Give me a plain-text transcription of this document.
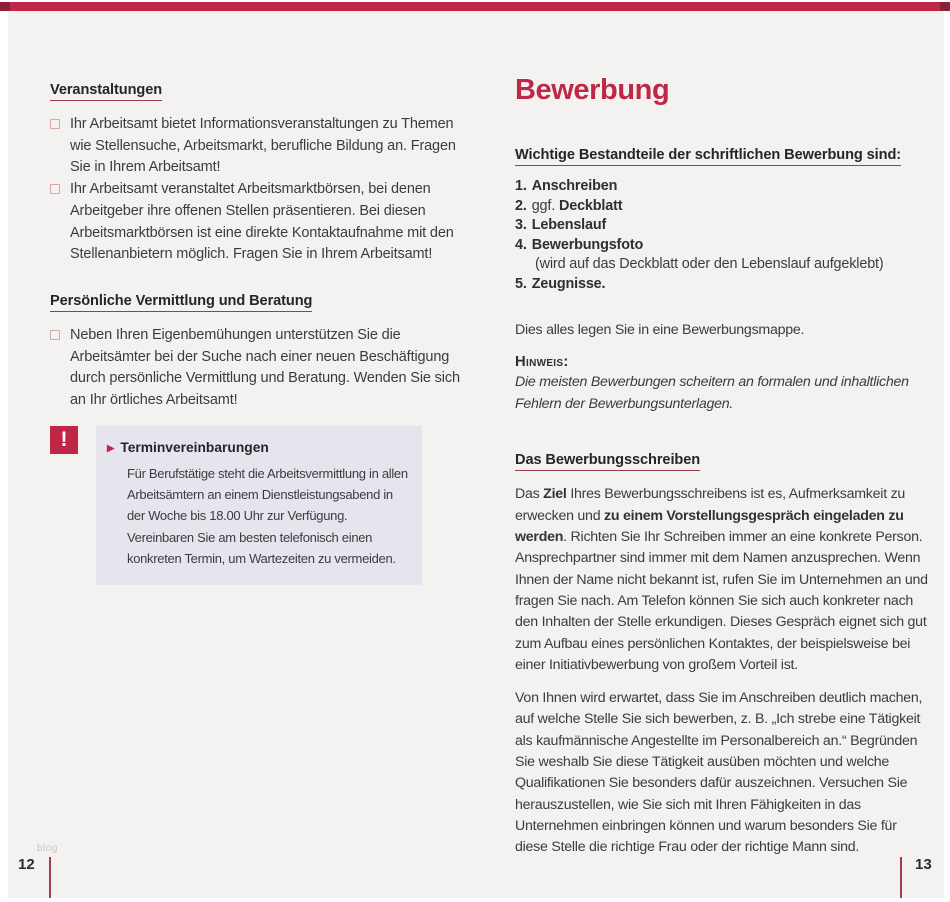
Veranstaltungen
Ihr Arbeitsamt bietet Informationsveranstaltungen zu Themen wie Stellensuche, Arbeitsmarkt, berufliche Bildung an. Fragen Sie in Ihrem Arbeitsamt!
Ihr Arbeitsamt veranstaltet Arbeitsmarktbörsen, bei denen Arbeitgeber ihre offenen Stellen präsentieren. Bei diesen Arbeitsmarktbörsen ist eine direkte Kontaktaufnahme mit den Stellenanbietern möglich. Fragen Sie in Ihrem Arbeitsamt!
Persönliche Vermittlung und Beratung
Neben Ihren Eigenbemühungen unterstützen Sie die Arbeitsämter bei der Suche nach einer neuen Beschäftigung durch persönliche Vermittlung und Beratung. Wenden Sie sich an Ihr örtliches Arbeitsamt!
!	▶ Terminvereinbarungen
Für Berufstätige steht die Arbeitsvermittlung in allen Arbeitsämtern an einem Dienstleistungsabend in der Woche bis 18.00 Uhr zur Verfügung. Vereinbaren Sie am besten telefonisch einen konkreten Termin, um Wartezeiten zu vermeiden.
Bewerbung
Wichtige Bestandteile der schriftlichen Bewerbung sind:
1. Anschreiben
2. ggf. Deckblatt
3. Lebenslauf
4. Bewerbungsfoto
(wird auf das Deckblatt oder den Lebenslauf aufgeklebt)
5. Zeugnisse.

Dies alles legen Sie in eine Bewerbungsmappe.

Hinweis:

Die meisten Bewerbungen scheitern an formalen und inhaltlichen Fehlern der Bewerbungsunterlagen.

Das Bewerbungsschreiben

Das Ziel Ihres Bewerbungsschreibens ist es, Aufmerksamkeit zu erwecken und zu einem Vorstellungsgespräch eingeladen zu werden. Richten Sie Ihr Schreiben immer an eine konkrete Person. Ansprechpartner sind immer mit dem Namen anzusprechen. Wenn Ihnen der Name nicht bekannt ist, rufen Sie im Unternehmen an und fragen Sie nach. Am Telefon können Sie sich auch konkreter nach den Inhalten der Stelle erkundigen. Dieses Gespräch eignet sich gut zum Aufbau eines persönlichen Kontaktes, der beispielsweise bei einer Initiativbewerbung von großem Vorteil ist.

Von Ihnen wird erwartet, dass Sie im Anschreiben deutlich machen, auf welche Stelle Sie sich bewerben, z. B. „Ich strebe eine Tätigkeit als kaufmännische Angestellte im Personalbereich an.“ Begründen Sie weshalb Sie diese Tätigkeit ausüben möchten und welche Qualifikationen Sie besonders dafür auszeichnen. Versuchen Sie herauszustellen, wie Sie sich mit Ihren Fähigkeiten in das Unternehmen einbringen können und warum besonders Sie für diese Stelle die richtige Frau oder der richtige Mann sind.

blog
12	13
